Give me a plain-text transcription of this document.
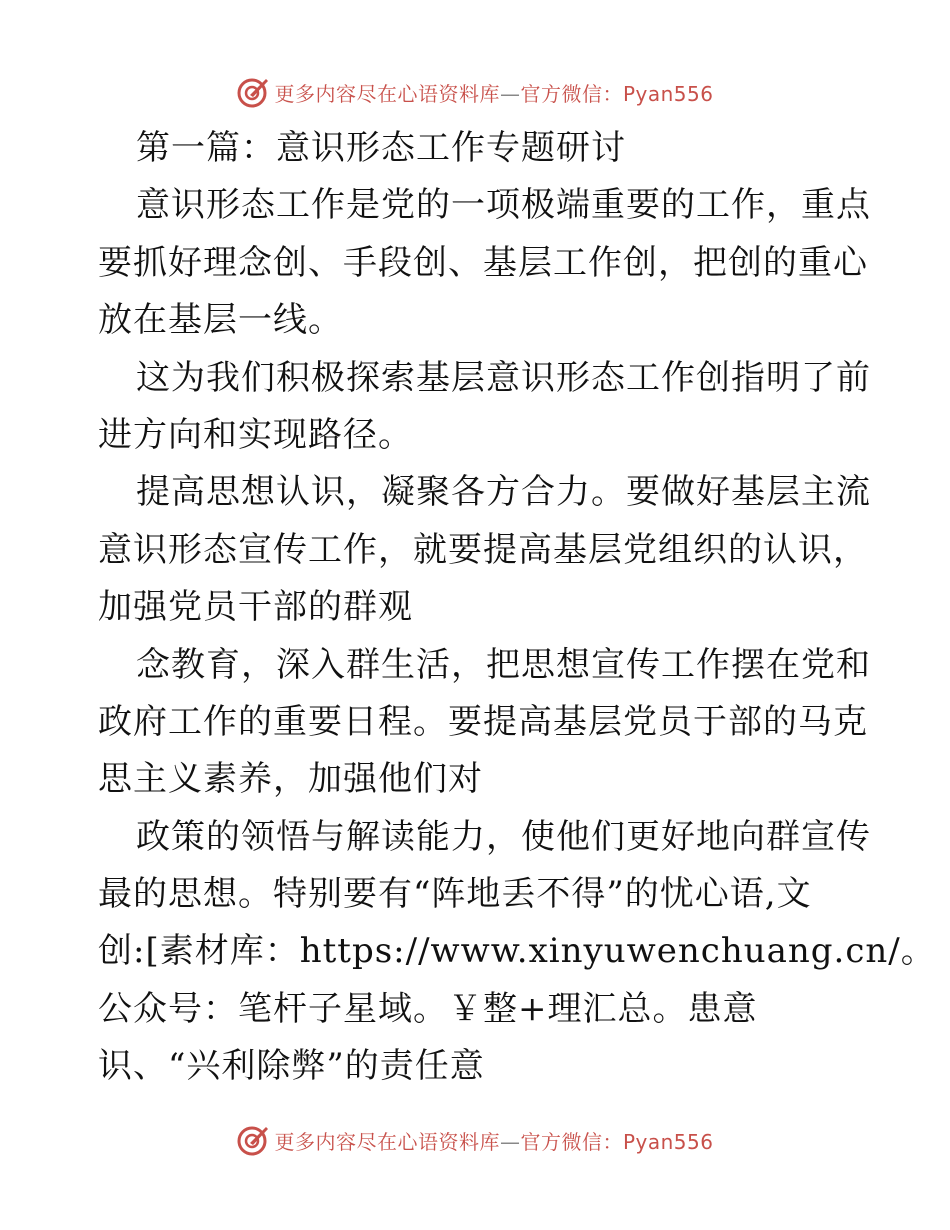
更多内容尽在心语资料库—官方微信：Pyan556
第一篇：意识形态工作专题研讨
意识形态工作是党的一项极端重要的工作，重点
要抓好理念创、手段创、基层工作创，把创的重心
放在基层一线。
这为我们积极探索基层意识形态工作创指明了前
进方向和实现路径。
提高思想认识，凝聚各方合力。要做好基层主流
意识形态宣传工作，就要提高基层党组织的认识，
加强党员干部的群观
念教育，深入群生活，把思想宣传工作摆在党和
政府工作的重要日程。要提高基层党员于部的马克
思主义素养，加强他们对
政策的领悟与解读能力，使他们更好地向群宣传
最的思想。特别要有“阵地丢不得”的忧心语,文
创:[素材库：https://www.xinyuwenchuang.cn/。
公众号：笔杆子星域。￥整+理汇总。患意
识、“兴利除弊”的责任意
更多内容尽在心语资料库—官方微信：Pyan556
